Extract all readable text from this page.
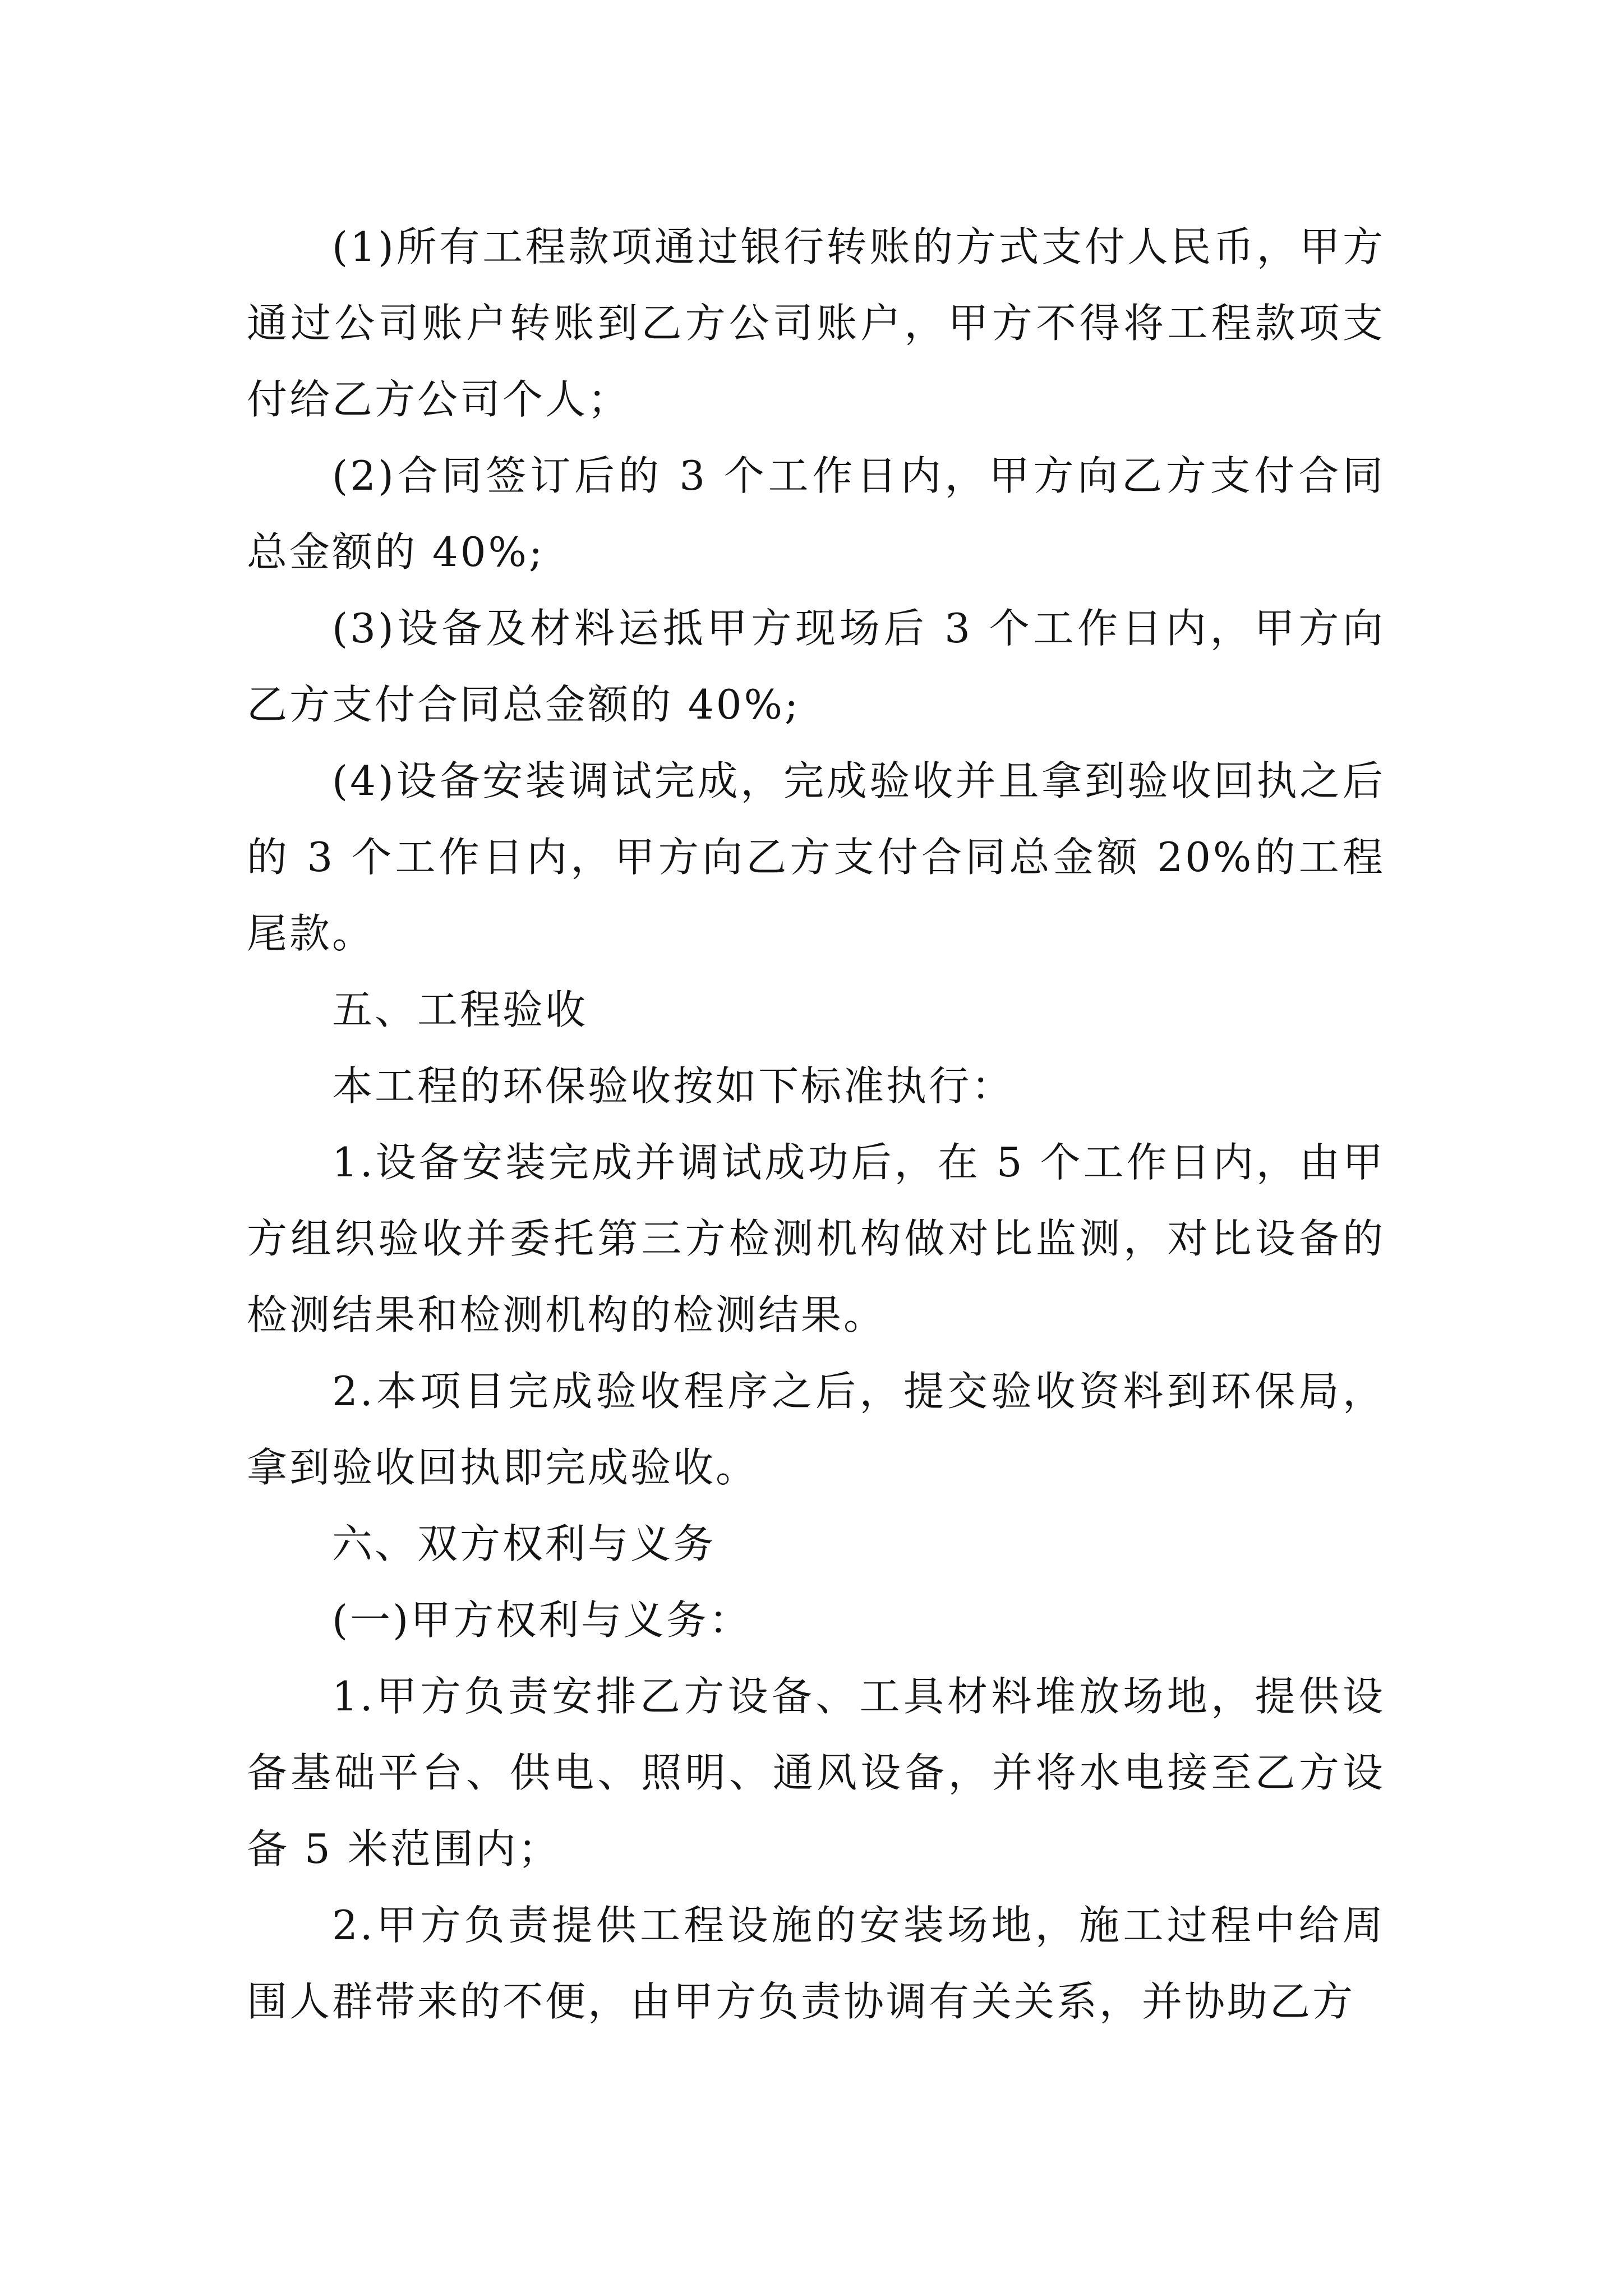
(1)所有工程款项通过银行转账的方式支付人民币，甲方通过公司账户转账到乙方公司账户，甲方不得将工程款项支付给乙方公司个人；

(2)合同签订后的 3 个工作日内，甲方向乙方支付合同总金额的 40%;

(3)设备及材料运抵甲方现场后 3 个工作日内，甲方向乙方支付合同总金额的 40%;

(4)设备安装调试完成，完成验收并且拿到验收回执之后的 3 个工作日内，甲方向乙方支付合同总金额 20%的工程尾款。

五、工程验收

本工程的环保验收按如下标准执行：

1.设备安装完成并调试成功后，在 5 个工作日内，由甲方组织验收并委托第三方检测机构做对比监测，对比设备的检测结果和检测机构的检测结果。

2.本项目完成验收程序之后，提交验收资料到环保局，拿到验收回执即完成验收。

六、双方权利与义务

(一)甲方权利与义务：

1.甲方负责安排乙方设备、工具材料堆放场地，提供设备基础平台、供电、照明、通风设备，并将水电接至乙方设备 5 米范围内；

2.甲方负责提供工程设施的安装场地，施工过程中给周围人群带来的不便，由甲方负责协调有关关系，并协助乙方
